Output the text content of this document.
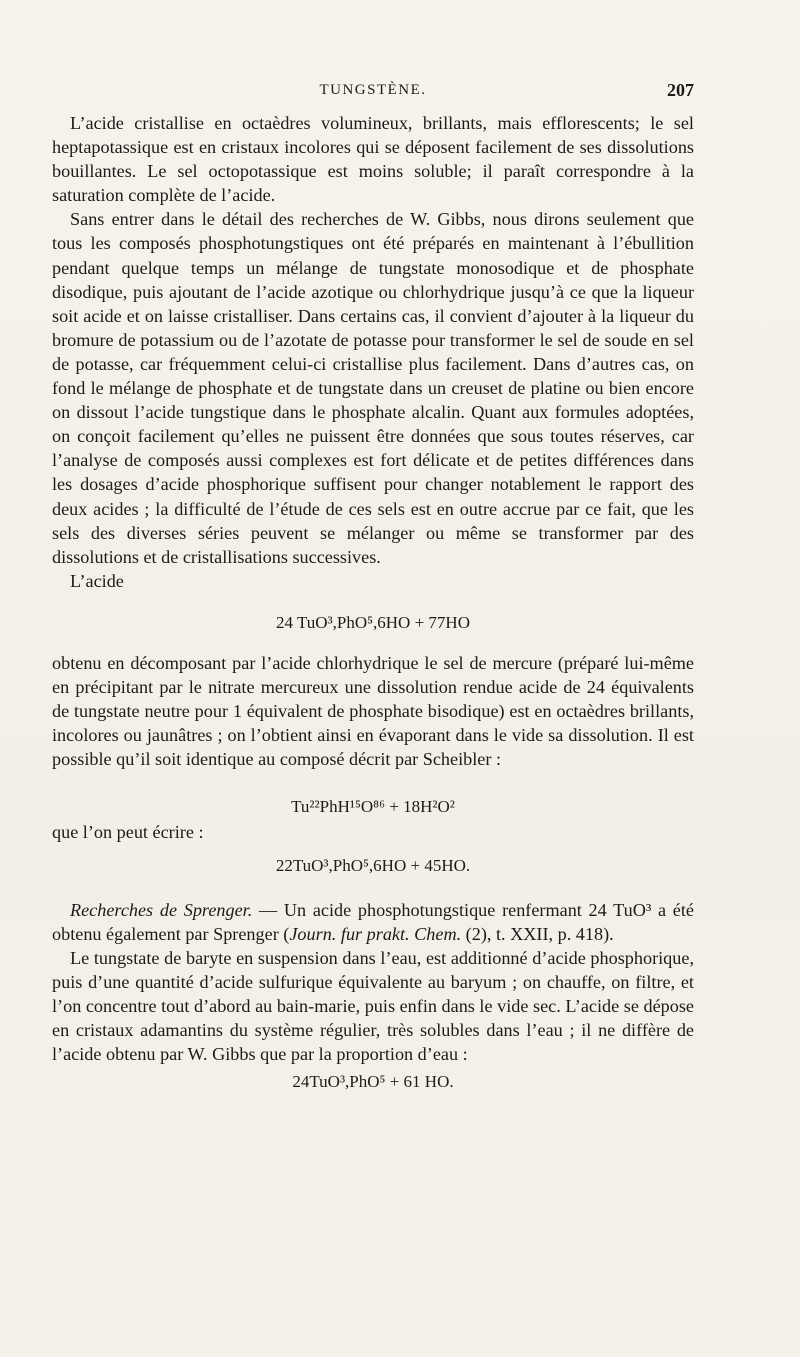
TUNGSTÈNE.	207

L’acide cristallise en octaèdres volumineux, brillants, mais efflorescents; le sel heptapotassique est en cristaux incolores qui se déposent facilement de ses dissolutions bouillantes. Le sel octopotassique est moins soluble; il paraît correspondre à la saturation complète de l’acide.

Sans entrer dans le détail des recherches de W. Gibbs, nous dirons seulement que tous les composés phosphotungstiques ont été préparés en maintenant à l’ébullition pendant quelque temps un mélange de tungstate monosodique et de phosphate disodique, puis ajoutant de l’acide azotique ou chlorhydrique jusqu’à ce que la liqueur soit acide et on laisse cristalliser. Dans certains cas, il convient d’ajouter à la liqueur du bromure de potassium ou de l’azotate de potasse pour transformer le sel de soude en sel de potasse, car fréquemment celui-ci cristallise plus facilement. Dans d’autres cas, on fond le mélange de phosphate et de tungstate dans un creuset de platine ou bien encore on dissout l’acide tungstique dans le phosphate alcalin. Quant aux formules adoptées, on conçoit facilement qu’elles ne puissent être données que sous toutes réserves, car l’analyse de composés aussi complexes est fort délicate et de petites différences dans les dosages d’acide phosphorique suffisent pour changer notablement le rapport des deux acides ; la difficulté de l’étude de ces sels est en outre accrue par ce fait, que les sels des diverses séries peuvent se mélanger ou même se transformer par des dissolutions et de cristallisations successives.

L’acide

24 TuO³,PhO⁵,6HO + 77HO

obtenu en décomposant par l’acide chlorhydrique le sel de mercure (préparé lui-même en précipitant par le nitrate mercureux une dissolution rendue acide de 24 équivalents de tungstate neutre pour 1 équivalent de phosphate bisodique) est en octaèdres brillants, incolores ou jaunâtres ; on l’obtient ainsi en évaporant dans le vide sa dissolution. Il est possible qu’il soit identique au composé décrit par Scheibler :

Tu²²PhH¹⁵O⁸⁶ + 18H²O²

que l’on peut écrire :

22TuO³,PhO⁵,6HO + 45HO.

Recherches de Sprenger. — Un acide phosphotungstique renfermant 24 TuO³ a été obtenu également par Sprenger (Journ. fur prakt. Chem. (2), t. XXII, p. 418).

Le tungstate de baryte en suspension dans l’eau, est additionné d’acide phosphorique, puis d’une quantité d’acide sulfurique équivalente au baryum ; on chauffe, on filtre, et l’on concentre tout d’abord au bain-marie, puis enfin dans le vide sec. L’acide se dépose en cristaux adamantins du système régulier, très solubles dans l’eau ; il ne diffère de l’acide obtenu par W. Gibbs que par la proportion d’eau :

24TuO³,PhO⁵ + 61 HO.
